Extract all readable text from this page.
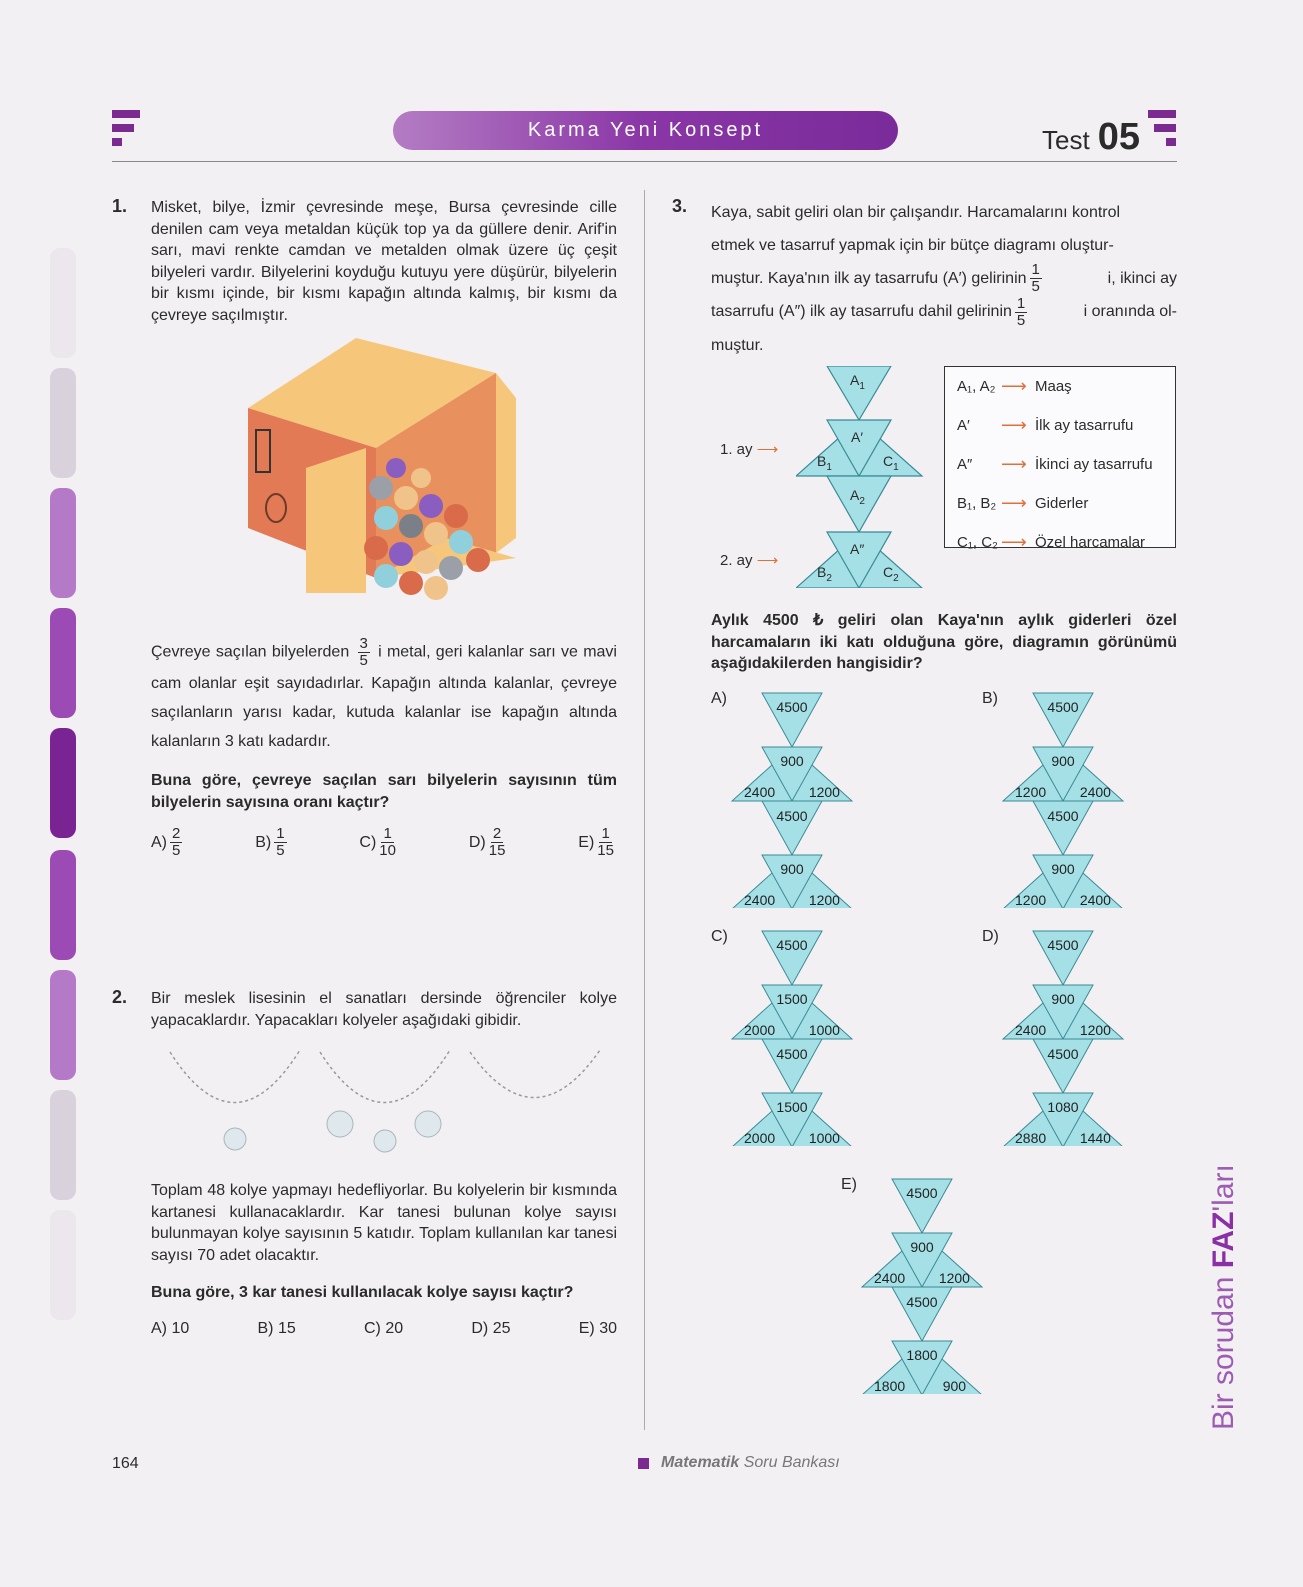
Karma Yeni Konsept	Test 05
1. Misket, bilye, İzmir çevresinde meşe, Bursa çevresinde cille denilen cam veya metaldan küçük top ya da güllere denir. Arif'in sarı, mavi renkte camdan ve metalden olmak üzere üç çeşit bilyeleri vardır. Bilyelerini koyduğu kutuyu yere düşürür, bilyelerin bir kısmı içinde, bir kısmı kapağın altında kalmış, bir kısmı da çevreye saçılmıştır.
Çevreye saçılan bilyelerden $\frac{3}{5}$ i metal, geri kalanlar sarı ve mavi cam olanlar eşit sayıdadırlar. Kapağın altında kalanlar, çevreye saçılanların yarısı kadar, kutuda kalanlar ise kapağın altında kalanların 3 katı kadardır.
Buna göre, çevreye saçılan sarı bilyelerin sayısının tüm bilyelerin sayısına oranı kaçtır?
$A) \frac{2}{5}$	$B) \frac{1}{5}$	$C) \frac{1}{10}$	$D) \frac{2}{15}$	$E) \frac{1}{15}$
2. Bir meslek lisesinin el sanatları dersinde öğrenciler kolye yapacaklardır. Yapacakları kolyeler aşağıdaki gibidir.
Toplam 48 kolye yapmayı hedefliyorlar. Bu kolyelerin bir kısmında kartanesi kullanacaklardır. Kar tanesi bulunan kolye sayısı bulunmayan kolye sayısının 5 katıdır. Toplam kullanılan kar tanesi sayısı 70 adet olacaktır.
Buna göre, 3 kar tanesi kullanılacak kolye sayısı kaçtır?
A) 10	B) 15	C) 20	D) 25	E) 30
3. Kaya, sabit geliri olan bir çalışandır. Harcamalarını kontrol
etmek ve tasarruf yapmak için bir bütçe diagramı oluştur-
muştur. Kaya'nın ilk ay tasarrufu (A′) gelirinin $\frac{1}{5}$	i, ikinci ay
tasarrufu (A″) ilk ay tasarrufu dahil gelirinin $\frac{1}{5}$	i oranında ol-
muştur.
1. ay ⟶
2. ay ⟶
$A_1$
A′
$B_1$	$C_1$
$A_2$
A″
$B_2$	$C_2$
A₁, A₂ ⟶ Maaş
A′	⟶ İlk ay tasarrufu
A″	⟶ İkinci ay tasarrufu
B₁, B₂ ⟶ Giderler
C₁, C₂ ⟶ Özel harcamalar
Aylık 4500 ₺ geliri olan Kaya'nın aylık giderleri özel harcamaların iki katı olduğuna göre, diagramın görünümü aşağıdakilerden hangisidir?
A)	4500
900
2400 1200
4500
900
2400 1200
B)	4500
900
1200 2400
4500
900
1200 2400
C)	4500
1500
2000 1000
4500
1500
2000 1000
D)	4500
900
2400 1200
4500
1080
2880 1440
E)	4500
900
2400 1200
4500
1800
1800	900	Bir sorudan FAZ'ları
164	Matematik Soru Bankası
